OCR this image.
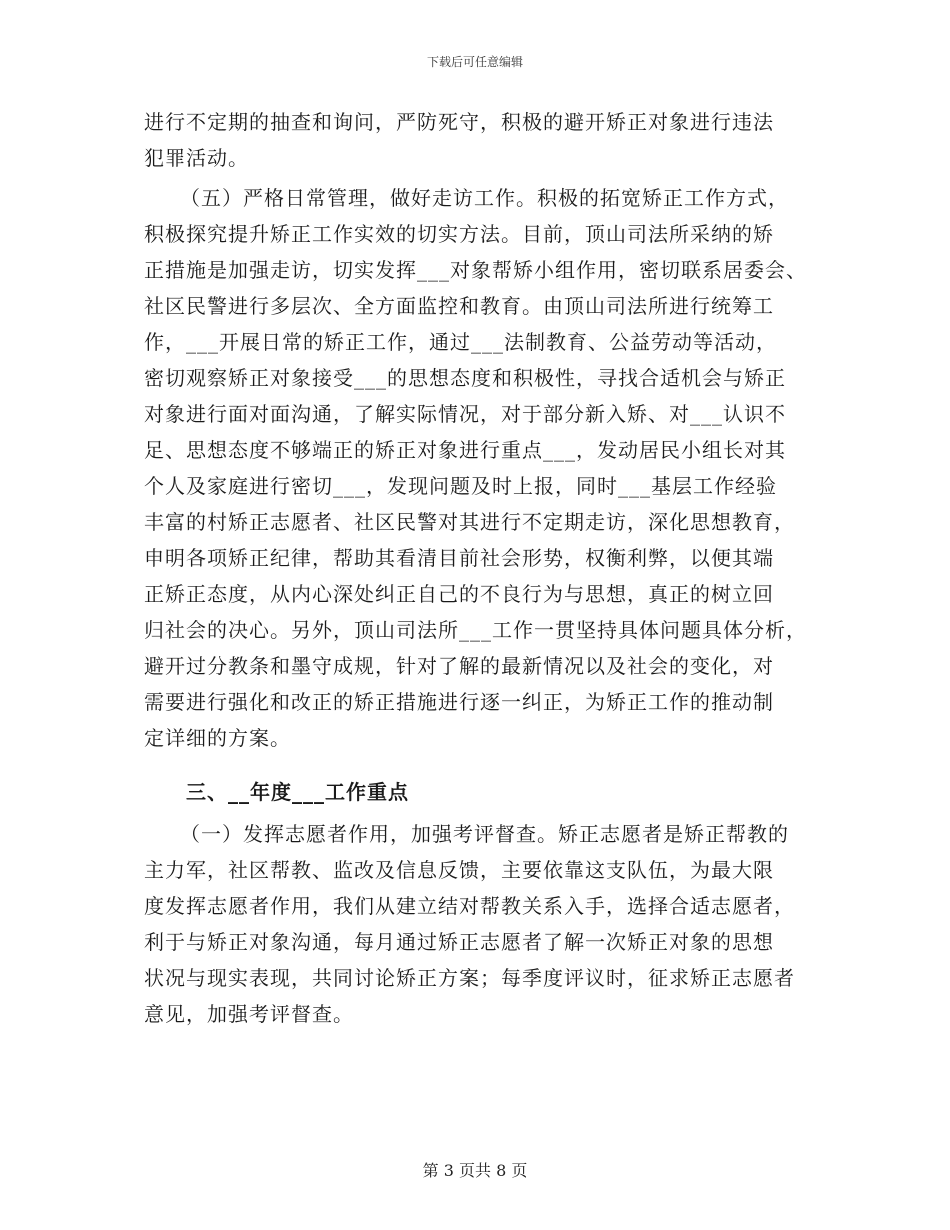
下载后可任意编辑
进行不定期的抽查和询问，严防死守，积极的避开矫正对象进行违法
犯罪活动。
（五）严格日常管理，做好走访工作。积极的拓宽矫正工作方式，
积极探究提升矫正工作实效的切实方法。目前，顶山司法所采纳的矫
正措施是加强走访，切实发挥___对象帮矫小组作用，密切联系居委会、
社区民警进行多层次、全方面监控和教育。由顶山司法所进行统筹工
作，___开展日常的矫正工作，通过___法制教育、公益劳动等活动，
密切观察矫正对象接受___的思想态度和积极性，寻找合适机会与矫正
对象进行面对面沟通，了解实际情况，对于部分新入矫、对___认识不
足、思想态度不够端正的矫正对象进行重点___，发动居民小组长对其
个人及家庭进行密切___，发现问题及时上报，同时___基层工作经验
丰富的村矫正志愿者、社区民警对其进行不定期走访，深化思想教育，
申明各项矫正纪律，帮助其看清目前社会形势，权衡利弊，以便其端
正矫正态度，从内心深处纠正自己的不良行为与思想，真正的树立回
归社会的决心。另外，顶山司法所___工作一贯坚持具体问题具体分析，
避开过分教条和墨守成规，针对了解的最新情况以及社会的变化，对
需要进行强化和改正的矫正措施进行逐一纠正，为矫正工作的推动制
定详细的方案。
三、__年度___工作重点
（一）发挥志愿者作用，加强考评督查。矫正志愿者是矫正帮教的
主力军，社区帮教、监改及信息反馈，主要依靠这支队伍，为最大限
度发挥志愿者作用，我们从建立结对帮教关系入手，选择合适志愿者，
利于与矫正对象沟通，每月通过矫正志愿者了解一次矫正对象的思想
状况与现实表现，共同讨论矫正方案；每季度评议时，征求矫正志愿者
意见，加强考评督查。
第 3 页共 8 页
